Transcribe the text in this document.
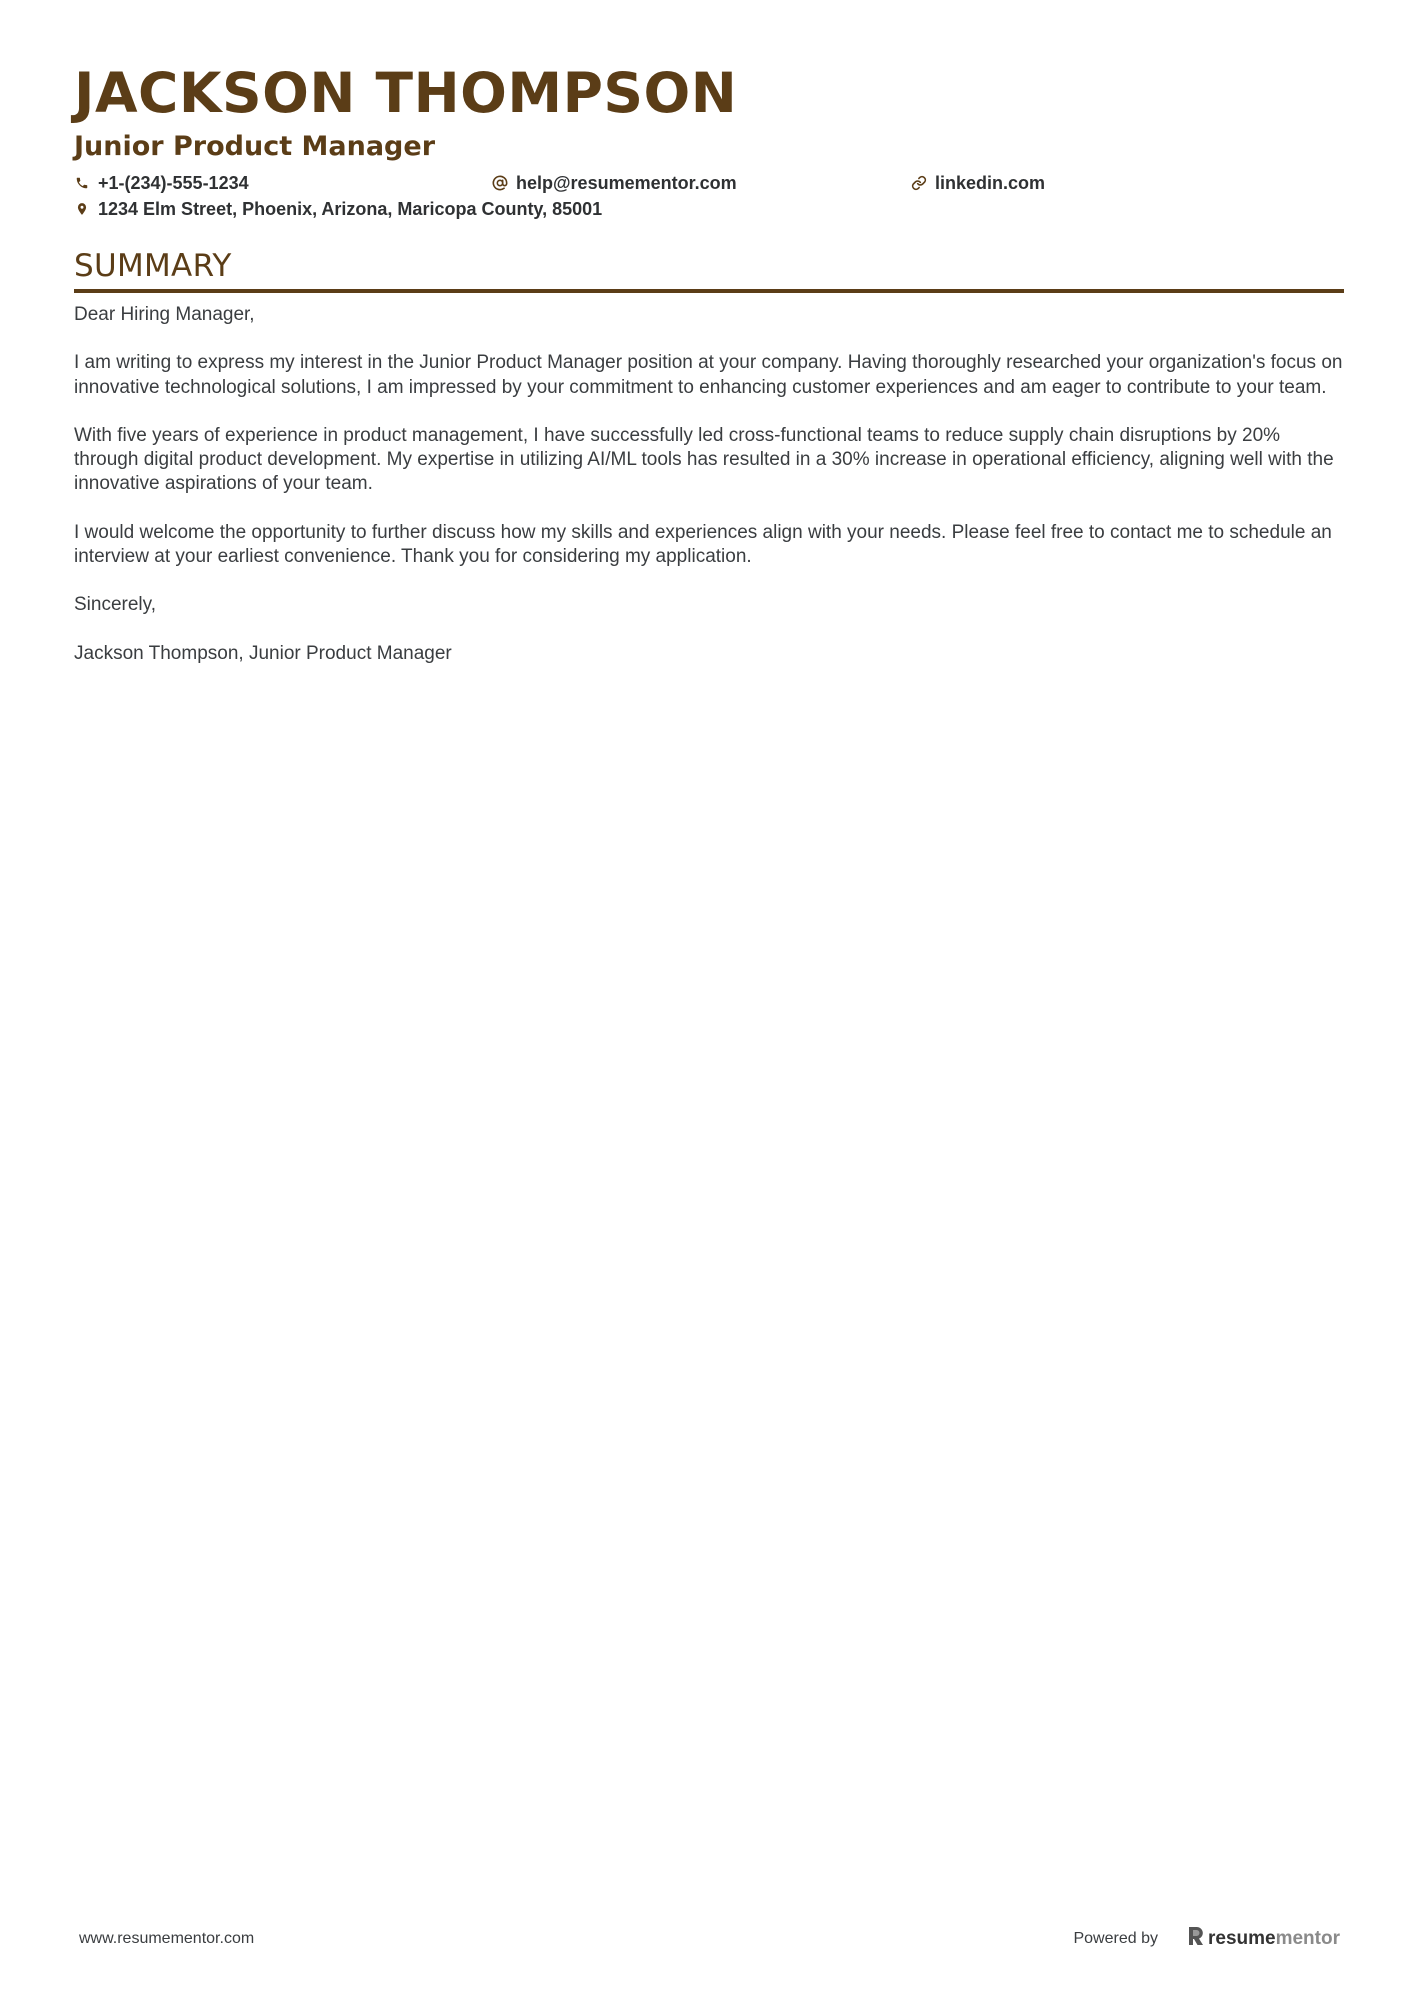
JACKSON THOMPSON
Junior Product Manager
+1-(234)-555-1234	help@resumementor.com	linkedin.com
1234 Elm Street, Phoenix, Arizona, Maricopa County, 85001
SUMMARY

Dear Hiring Manager,

I am writing to express my interest in the Junior Product Manager position at your company. Having thoroughly researched your organization's focus on innovative technological solutions, I am impressed by your commitment to enhancing customer experiences and am eager to contribute to your team.

With five years of experience in product management, I have successfully led cross-functional teams to reduce supply chain disruptions by 20% through digital product development. My expertise in utilizing AI/ML tools has resulted in a 30% increase in operational efficiency, aligning well with the innovative aspirations of your team.

I would welcome the opportunity to further discuss how my skills and experiences align with your needs. Please feel free to contact me to schedule an interview at your earliest convenience. Thank you for considering my application.

Sincerely,

Jackson Thompson, Junior Product Manager

www.resumementor.com	Powered by	resume mentor
